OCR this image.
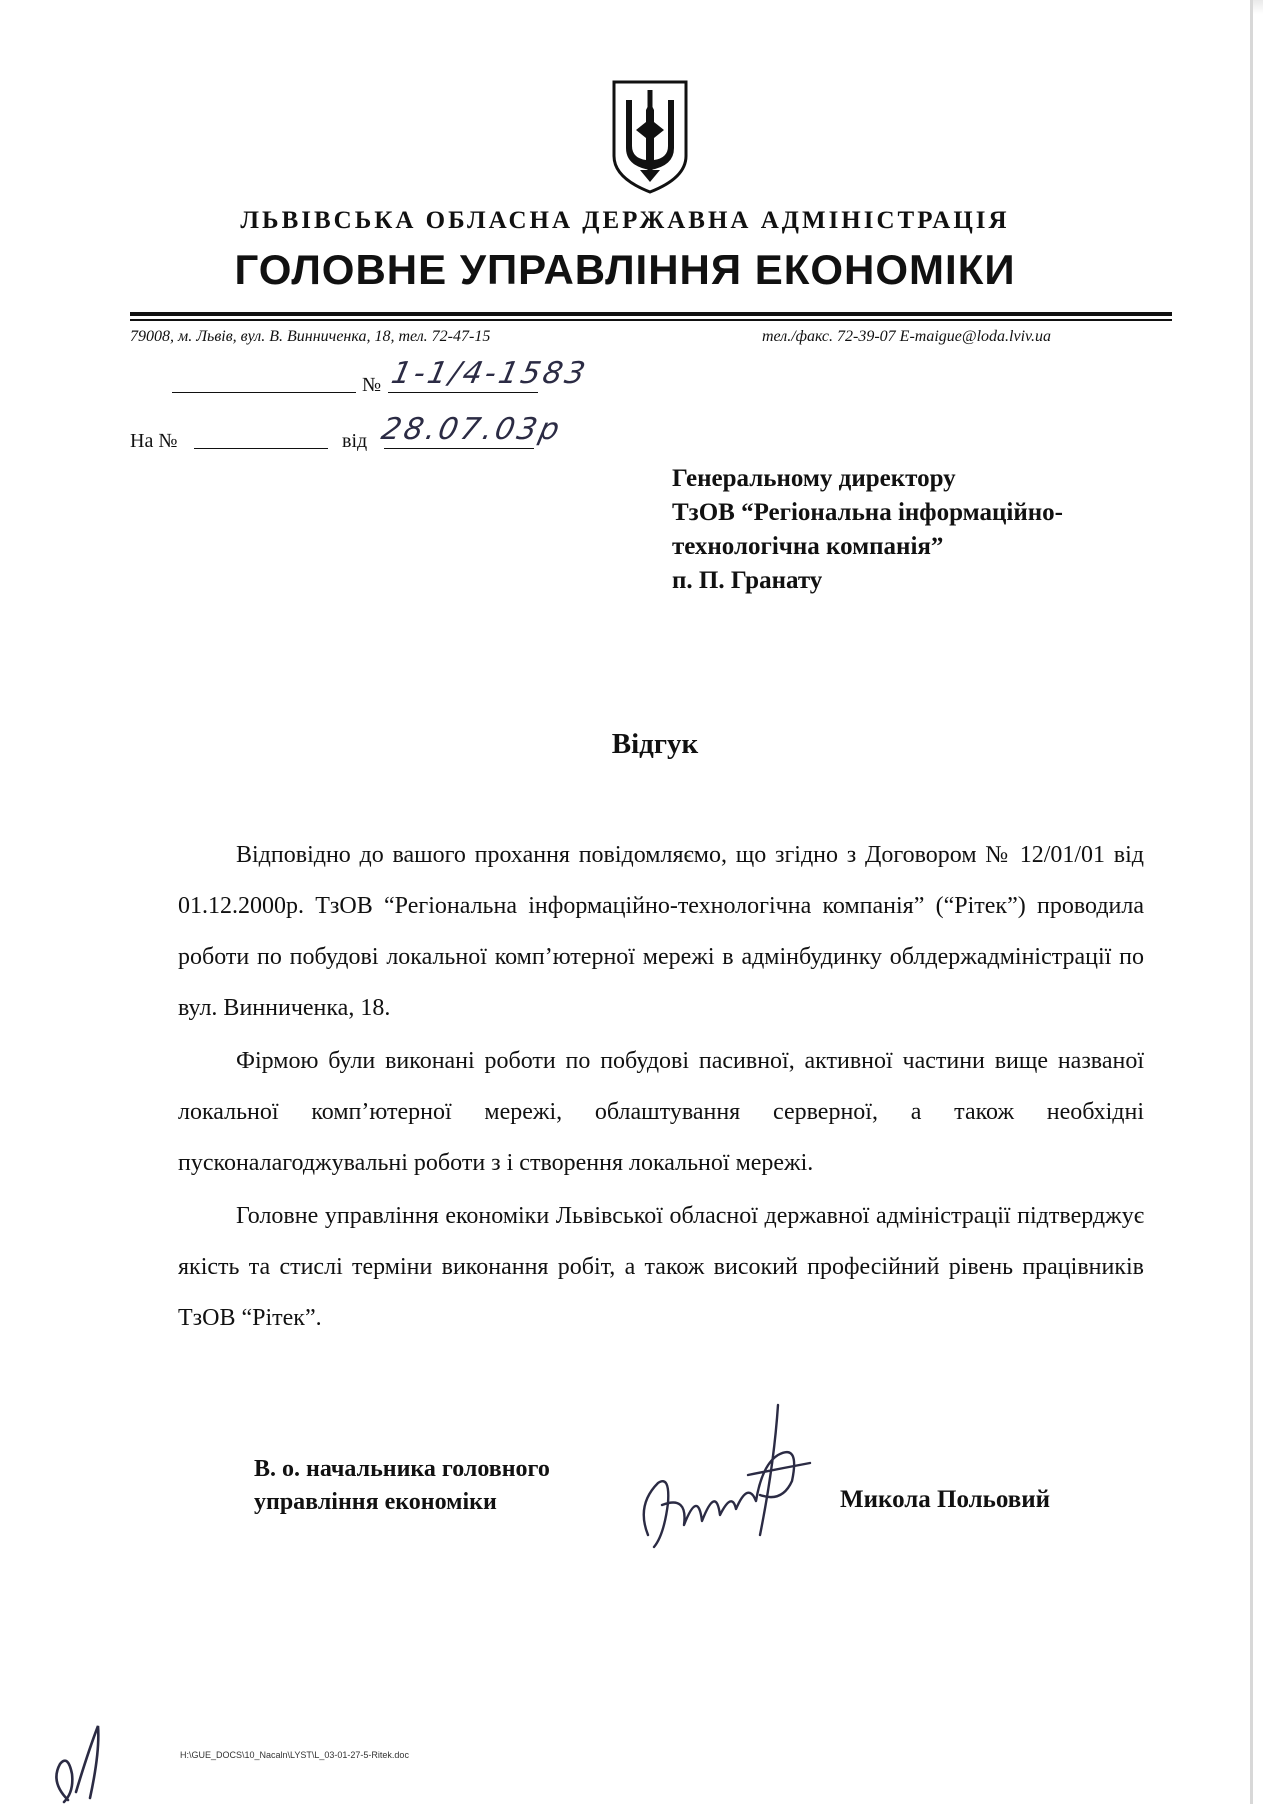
ЛЬВІВСЬКА ОБЛАСНА ДЕРЖАВНА АДМІНІСТРАЦІЯ
ГОЛОВНЕ УПРАВЛІННЯ ЕКОНОМІКИ
79008, м. Львів, вул. В. Винниченка, 18, тел. 72-47-15	тел./факс. 72-39-07 E-maigue@loda.lviv.ua
№ 1-1/4-1583
На №	від 28.07.03р
Генеральному директору
ТзОВ “Регіональна інформаційно-
технологічна компанія”
п. П. Гранату
Відгук

Відповідно до вашого прохання повідомляємо, що згідно з Договором № 12/01/01 від 01.12.2000р. ТзОВ “Регіональна інформаційно-технологічна компанія” (“Рітек”) проводила роботи по побудові локальної комп’ютерної мережі в адмінбудинку облдержадміністрації по вул. Винниченка, 18.

Фірмою були виконані роботи по побудові пасивної, активної частини вище названої локальної комп’ютерної мережі, облаштування серверної, а також необхідні пусконалагоджувальні роботи з і створення локальної мережі.

Головне управління економіки Львівської обласної державної адміністрації підтверджує якість та стислі терміни виконання робіт, а також високий професійний рівень працівників ТзОВ “Рітек”.

В. о. начальника головного
управління економіки	Микола Польовий
H:\GUE_DOCS\10_Nacaln\LYST\L_03-01-27-5-Ritek.doc
